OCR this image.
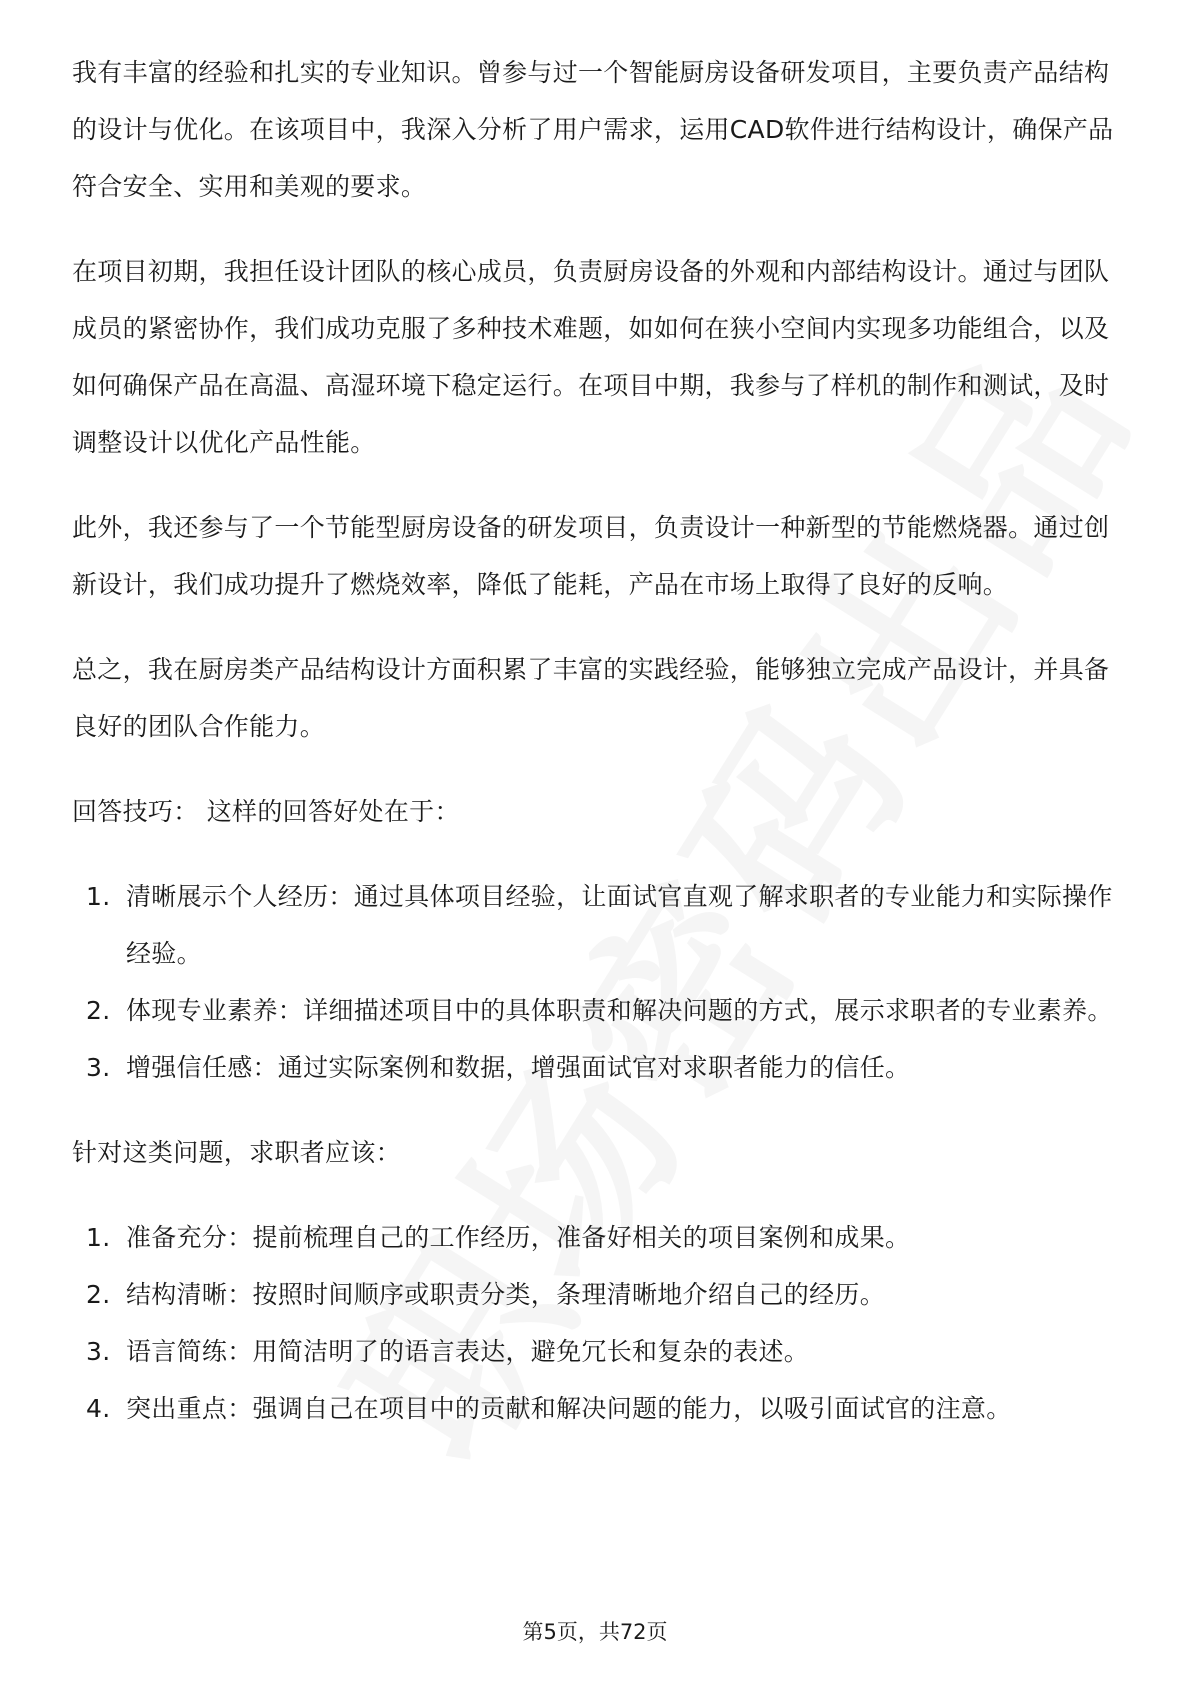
我有丰富的经验和扎实的专业知识。曾参与过一个智能厨房设备研发项目，主要负责产品结构的设计与优化。在该项目中，我深入分析了用户需求，运用CAD软件进行结构设计，确保产品符合安全、实用和美观的要求。

在项目初期，我担任设计团队的核心成员，负责厨房设备的外观和内部结构设计。通过与团队成员的紧密协作，我们成功克服了多种技术难题，如如何在狭小空间内实现多功能组合，以及如何确保产品在高温、高湿环境下稳定运行。在项目中期，我参与了样机的制作和测试，及时调整设计以优化产品性能。

此外，我还参与了一个节能型厨房设备的研发项目，负责设计一种新型的节能燃烧器。通过创新设计，我们成功提升了燃烧效率，降低了能耗，产品在市场上取得了良好的反响。

总之，我在厨房类产品结构设计方面积累了丰富的实践经验，能够独立完成产品设计，并具备良好的团队合作能力。

回答技巧： 这样的回答好处在于：

1. 清晰展示个人经历：通过具体项目经验，让面试官直观了解求职者的专业能力和实际操作经验。
2. 体现专业素养：详细描述项目中的具体职责和解决问题的方式，展示求职者的专业素养。
3. 增强信任感：通过实际案例和数据，增强面试官对求职者能力的信任。

针对这类问题，求职者应该：

1. 准备充分：提前梳理自己的工作经历，准备好相关的项目案例和成果。
2. 结构清晰：按照时间顺序或职责分类，条理清晰地介绍自己的经历。
3. 语言简练：用简洁明了的语言表达，避免冗长和复杂的表述。
4. 突出重点：强调自己在项目中的贡献和解决问题的能力，以吸引面试官的注意。
第5页，共72页
